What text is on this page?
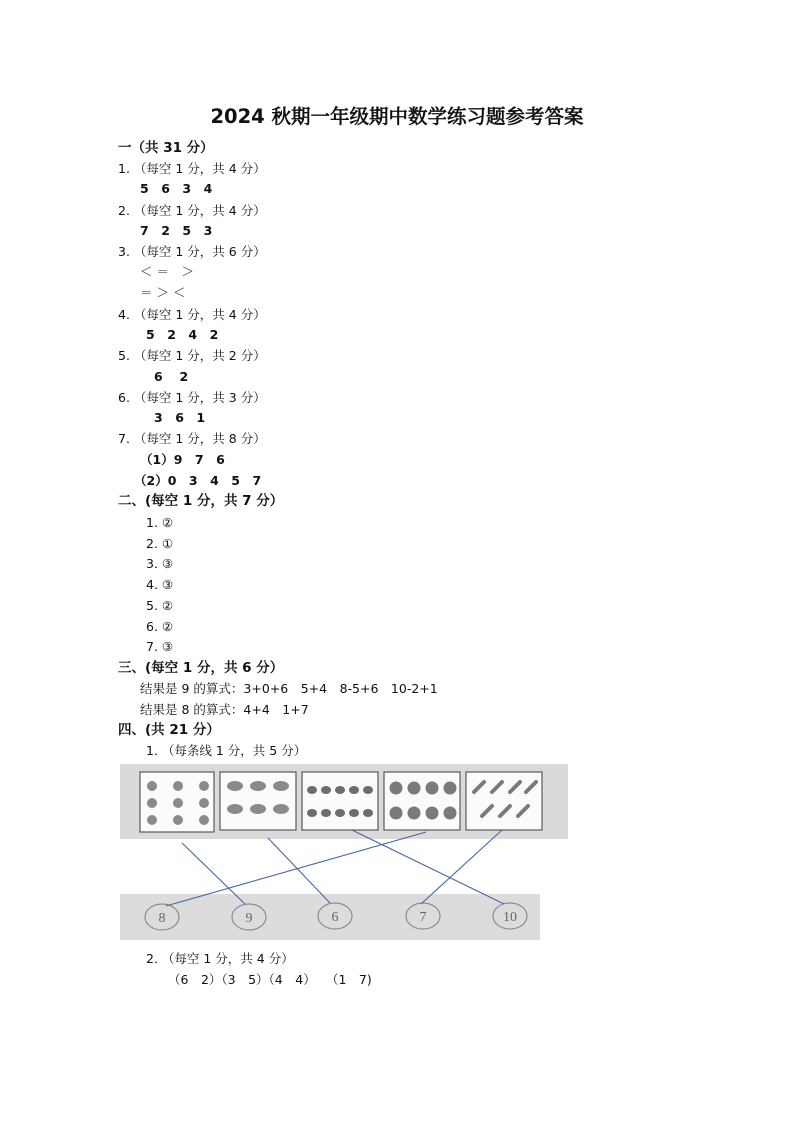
2024 秋期一年级期中数学练习题参考答案
一（共 31 分）
1. （每空 1 分，共 4 分）
5　6　3　4
2. （每空 1 分，共 4 分）
7　2　5　3
3. （每空 1 分，共 6 分）
＜ ＝　＞
＝ ＞ ＜
4. （每空 1 分，共 4 分）
5　2　4　2
5. （每空 1 分，共 2 分）
6　 2
6. （每空 1 分，共 3 分）
3　6　1
7. （每空 1 分，共 8 分）
（1）9　7　6
（2）0　3　4　5　7
二、(每空 1 分，共 7 分）
1. ②
2. ①
3. ③
4. ③
5. ②
6. ②
7. ③
三、(每空 1 分，共 6 分）
结果是 9 的算式：3+0+6　5+4　8-5+6　10-2+1
结果是 8 的算式：4+4　1+7
四、(共 21 分）
1. （每条线 1 分，共 5 分）
8	9	6	7	10
2. （每空 1 分，共 4 分）
（6　2）（3　5）（4　4）　 （1　7)
